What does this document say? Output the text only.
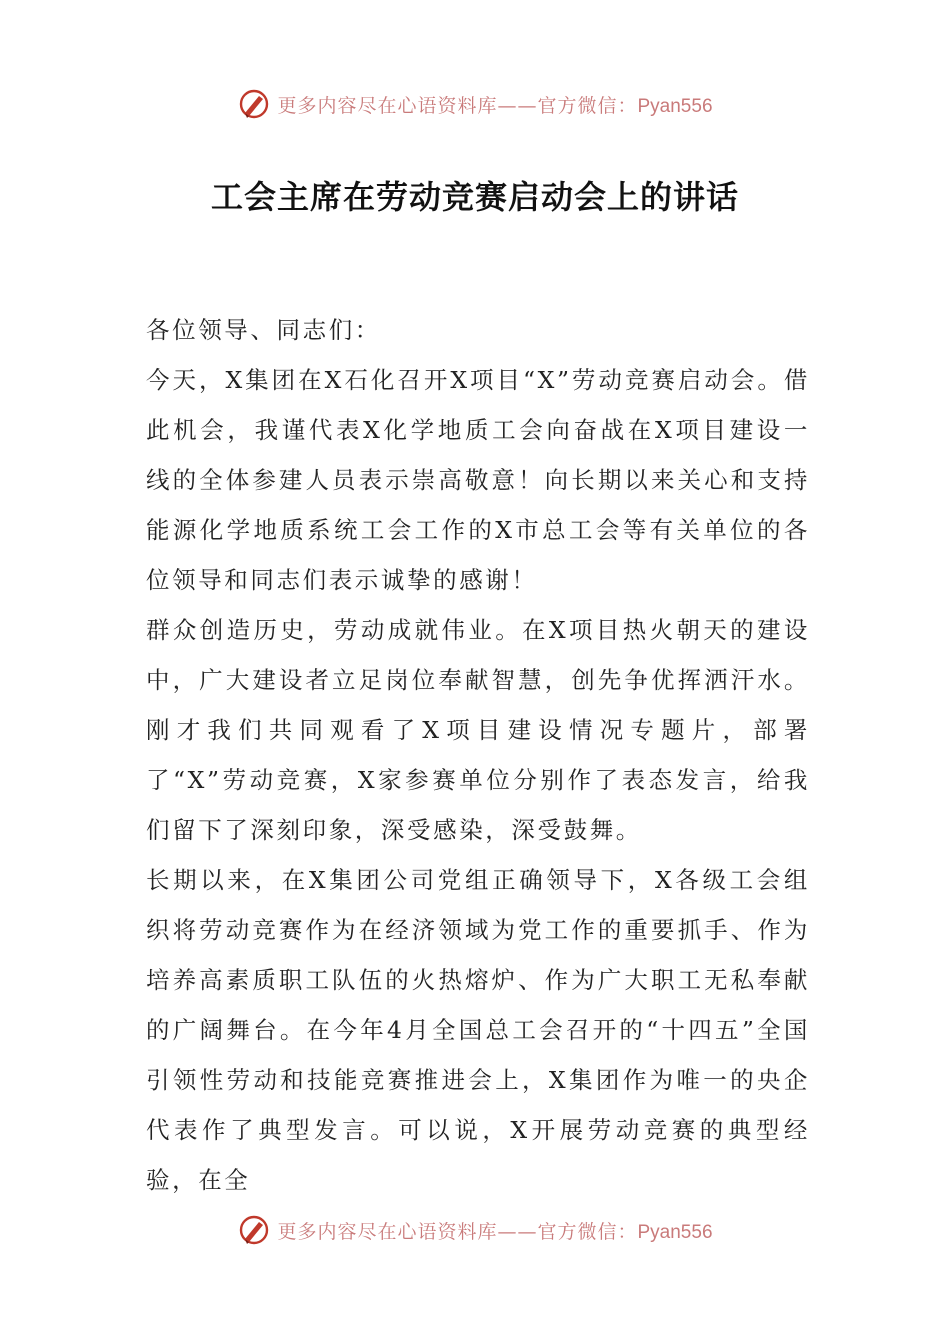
更多内容尽在心语资料库——官方微信：Pyan556
工会主席在劳动竞赛启动会上的讲话

各位领导、同志们：

今天，X集团在X石化召开X项目“X”劳动竞赛启动会。借此机会，我谨代表X化学地质工会向奋战在X项目建设一线的全体参建人员表示崇高敬意！向长期以来关心和支持能源化学地质系统工会工作的X市总工会等有关单位的各位领导和同志们表示诚挚的感谢！

群众创造历史，劳动成就伟业。在X项目热火朝天的建设中，广大建设者立足岗位奉献智慧，创先争优挥洒汗水。刚才我们共同观看了X项目建设情况专题片，部署了“X”劳动竞赛，X家参赛单位分别作了表态发言，给我们留下了深刻印象，深受感染，深受鼓舞。

长期以来，在X集团公司党组正确领导下，X各级工会组织将劳动竞赛作为在经济领域为党工作的重要抓手、作为培养高素质职工队伍的火热熔炉、作为广大职工无私奉献的广阔舞台。在今年4月全国总工会召开的“十四五”全国引领性劳动和技能竞赛推进会上，X集团作为唯一的央企代表作了典型发言。可以说，X开展劳动竞赛的典型经验，在全

更多内容尽在心语资料库——官方微信：Pyan556
